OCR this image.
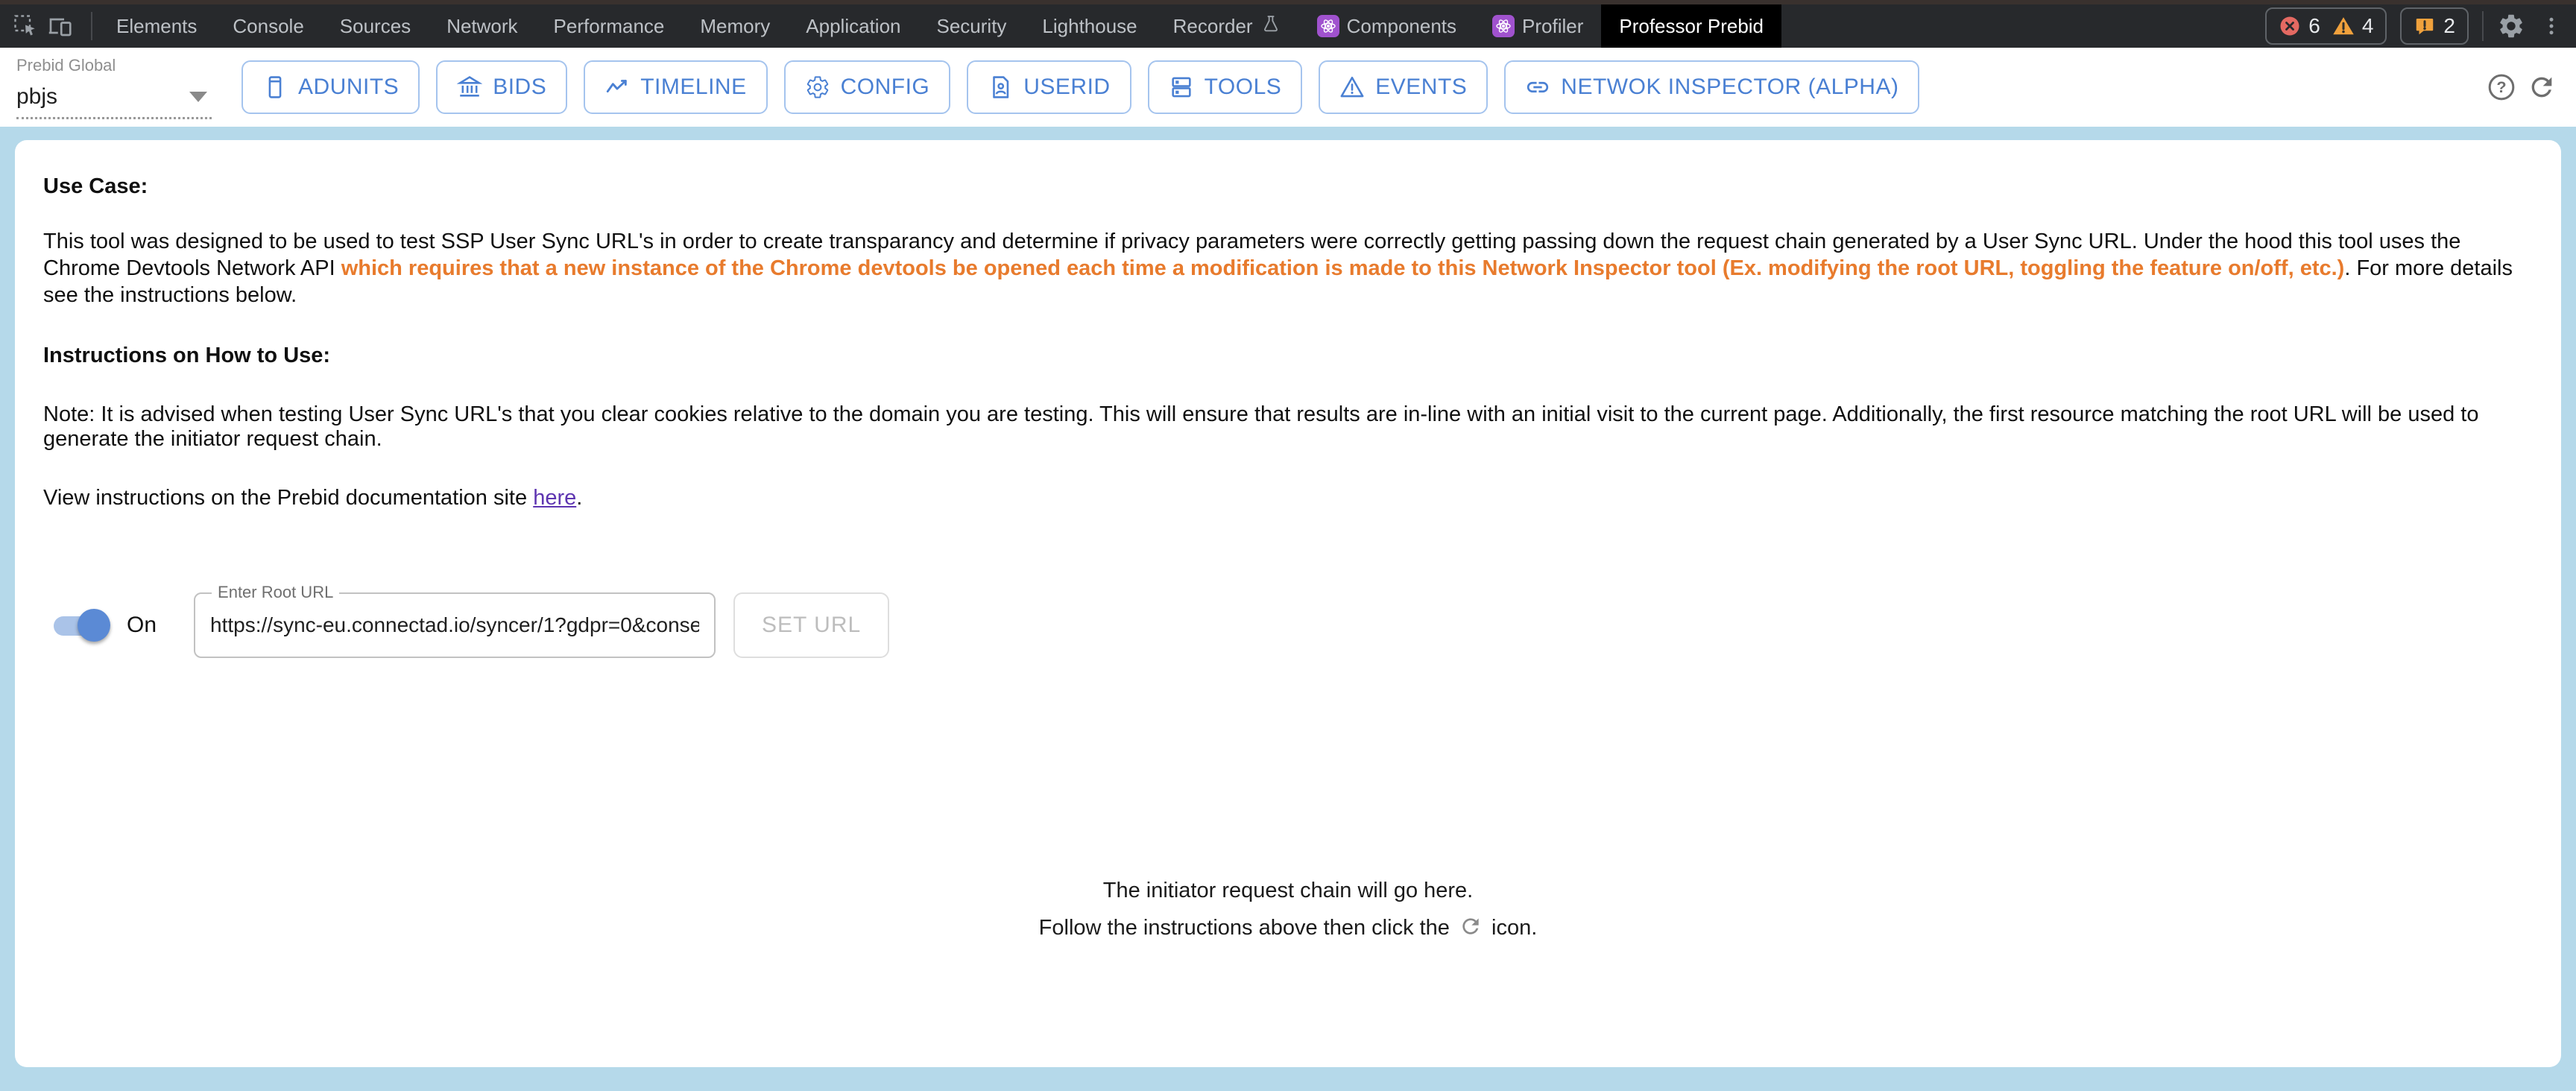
Elements Console Sources Network Performance Memory Application Security Lighthouse Recorder	Components	Profiler Professor Prebid	6 4	2
Prebid Global
pbjs	ADUNITS	BIDS	TIMELINE	CONFIG	USERID	TOOLS	EVENTS	NETWOK INSPECTOR (ALPHA)	?
Use Case:
This tool was designed to be used to test SSP User Sync URL's in order to create transparancy and determine if privacy parameters were correctly getting passing down the request chain generated by a User Sync URL. Under the hood this tool uses the Chrome Devtools Network API which requires that a new instance of the Chrome devtools be opened each time a modification is made to this Network Inspector tool (Ex. modifying the root URL, toggling the feature on/off, etc.). For more details see the instructions below.
Instructions on How to Use:
Note: It is advised when testing User Sync URL's that you clear cookies relative to the domain you are testing. This will ensure that results are in-line with an initial visit to the current page. Additionally, the first resource matching the root URL will be used to generate the initiator request chain.
View instructions on the Prebid documentation site here.
On
Enter Root URL
https://sync-eu.connectad.io/syncer/1?gdpr=0&consent=&us
SET URL
The initiator request chain will go here.
Follow the instructions above then click the  icon.
